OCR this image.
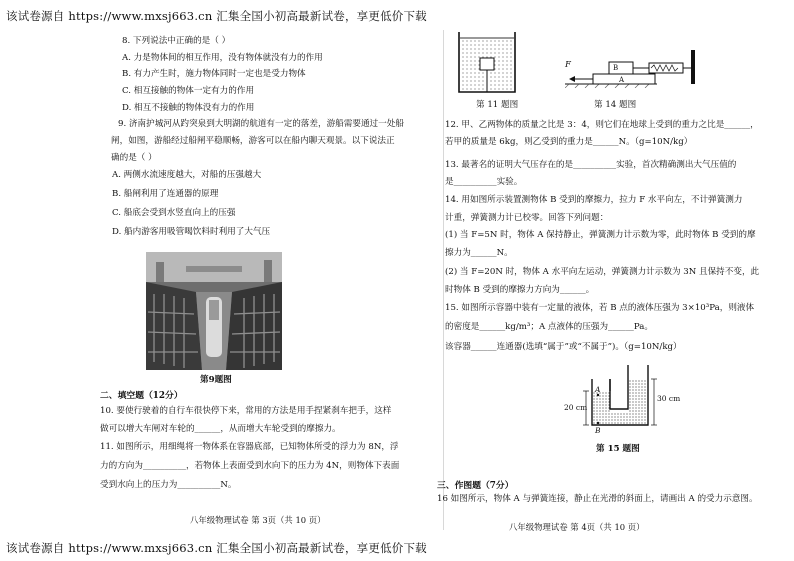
该试卷源自 https://www.mxsj663.cn 汇集全国小初高最新试卷，享更低价下载
该试卷源自 https://www.mxsj663.cn 汇集全国小初高最新试卷，享更低价下载
8. 下列说法中正确的是（ ）
A. 力是物体间的相互作用，没有物体就没有力的作用
B. 有力产生时，施力物体同时一定也是受力物体
C. 相互接触的物体一定有力的作用
D. 相互不接触的物体没有力的作用
9. 济南护城河从趵突泉到大明湖的航道有一定的落差，游船需要通过一处船
闸，如图，游船经过船闸平稳顺畅，游客可以在船内聊天观景。以下说法正
确的是（ ）
A. 两侧水流速度越大，对船的压强越大
B. 船闸利用了连通器的原理
C. 船底会受到水竖直向上的压强
D. 船内游客用吸管喝饮料时利用了大气压
第9题图
二、填空题（12分）
10. 要使行驶着的自行车很快停下来，常用的方法是用手捏紧刹车把手，这样
做可以增大车闸对车轮的______，从而增大车轮受到的摩擦力。
11. 如图所示，用细绳将一物体系在容器底部，已知物体所受的浮力为 8N，浮
力的方向为__________，若物体上表面受到水向下的压力为 4N，则物体下表面
受到水向上的压力为__________N。
八年级物理试卷 第 3页（共 10 页）
第 11 题图
F	B
A
第 14 题图
12. 甲、乙两物体的质量之比是 3：4，则它们在地球上受到的重力之比是______，
若甲的质量是 6kg，则乙受到的重力是______N。（g=10N/kg）
13. 最著名的证明大气压存在的是__________实验，首次精确测出大气压值的
是__________实验。
14. 用如图所示装置测物体 B 受到的摩擦力，拉力 F 水平向左，不计弹簧测力
计重，弹簧测力计已校零。回答下列问题：
(1) 当 F=5N 时，物体 A 保持静止，弹簧测力计示数为零，此时物体 B 受到的摩
擦力为______N。
(2) 当 F=20N 时，物体 A 水平向左运动，弹簧测力计示数为 3N 且保持不变，此
时物体 B 受到的摩擦力方向为______。
15. 如图所示容器中装有一定量的液体，若 B 点的液体压强为 3×10³Pa，则液体
的密度是______kg/m³；A 点液体的压强为______Pa。
该容器______连通器(选填“属于”或“不属于”)。（g=10N/kg）
A
B
20 cm
30 cm
第 15 题图
三、作图题（7分）
16 如图所示，物体 A 与弹簧连接，静止在光滑的斜面上，请画出 A 的受力示意图。
八年级物理试卷 第 4页（共 10 页）
